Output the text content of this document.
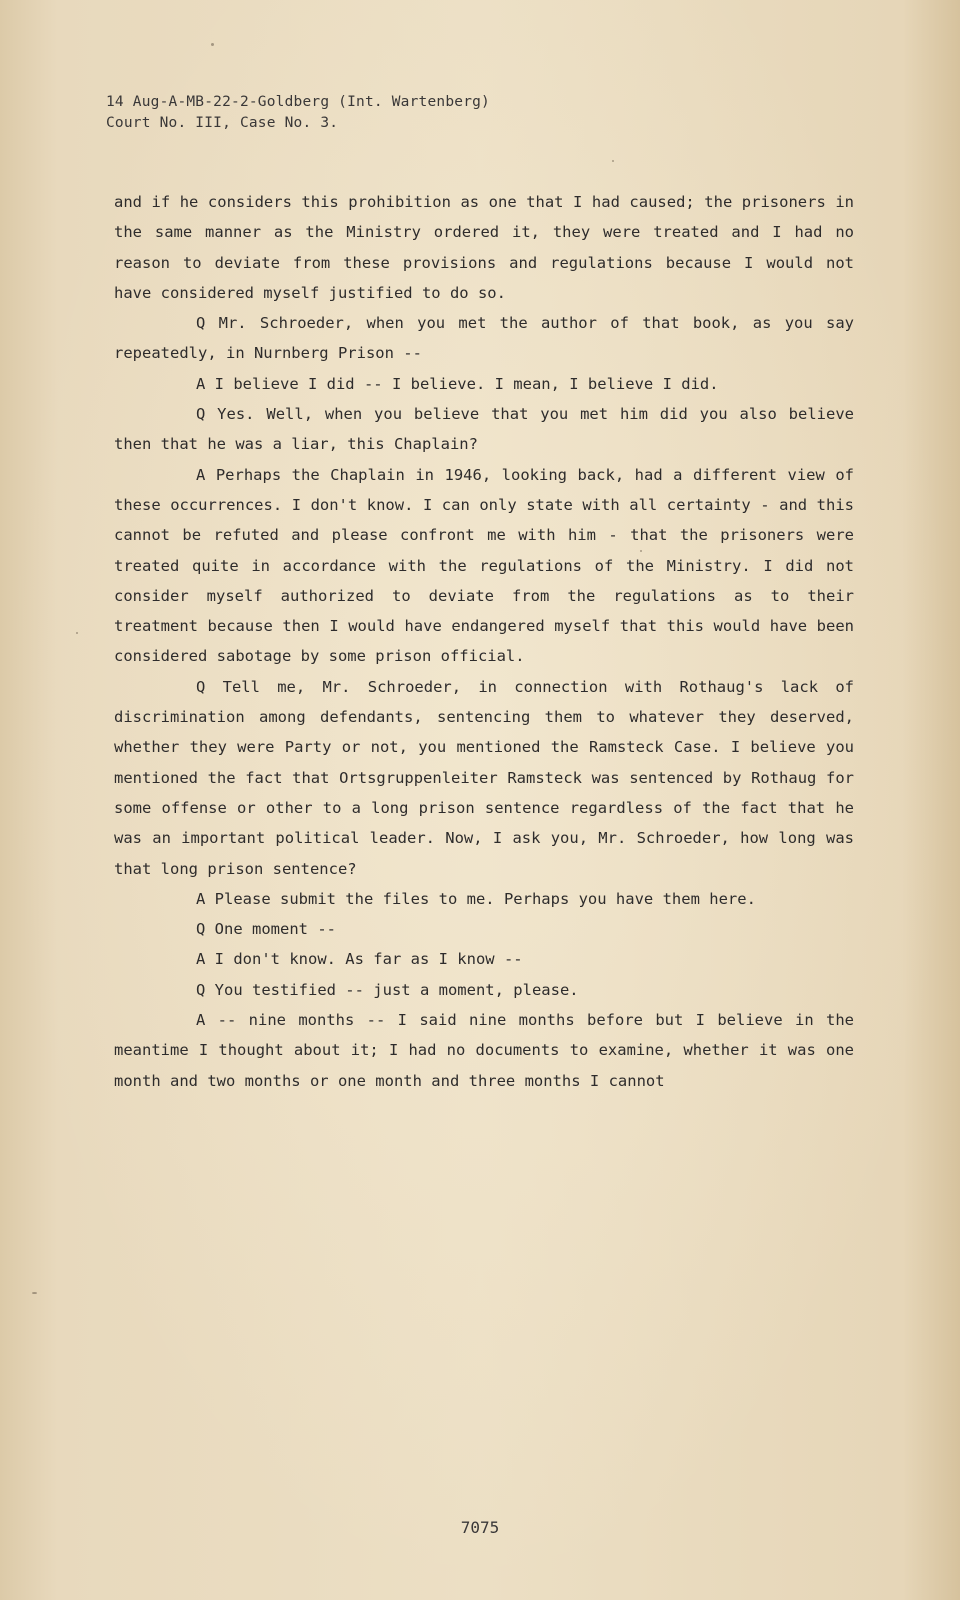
14 Aug-A-MB-22-2-Goldberg (Int. Wartenberg)
Court No. III, Case No. 3.

and if he considers this prohibition as one that I had caused; the prisoners in the same manner as the Ministry ordered it, they were treated and I had no reason to deviate from these provisions and regulations because I would not have considered myself justified to do so.

Q Mr. Schroeder, when you met the author of that book, as you say repeatedly, in Nurnberg Prison --

A I believe I did -- I believe. I mean, I believe I did.

Q Yes. Well, when you believe that you met him did you also believe then that he was a liar, this Chaplain?

A Perhaps the Chaplain in 1946, looking back, had a different view of these occurrences. I don't know. I can only state with all certainty - and this cannot be refuted and please confront me with him - that the prisoners were treated quite in accordance with the regulations of the Ministry. I did not consider myself authorized to deviate from the regulations as to their treatment because then I would have endangered myself that this would have been considered sabotage by some prison official.

Q Tell me, Mr. Schroeder, in connection with Rothaug's lack of discrimination among defendants, sentencing them to whatever they deserved, whether they were Party or not, you mentioned the Ramsteck Case. I believe you mentioned the fact that Ortsgruppenleiter Ramsteck was sentenced by Rothaug for some offense or other to a long prison sentence regardless of the fact that he was an important political leader. Now, I ask you, Mr. Schroeder, how long was that long prison sentence?

A Please submit the files to me. Perhaps you have them here.

Q One moment --

A I don't know. As far as I know --

Q You testified -- just a moment, please.

A -- nine months -- I said nine months before but I believe in the meantime I thought about it; I had no documents to examine, whether it was one month and two months or one month and three months I cannot

7075
